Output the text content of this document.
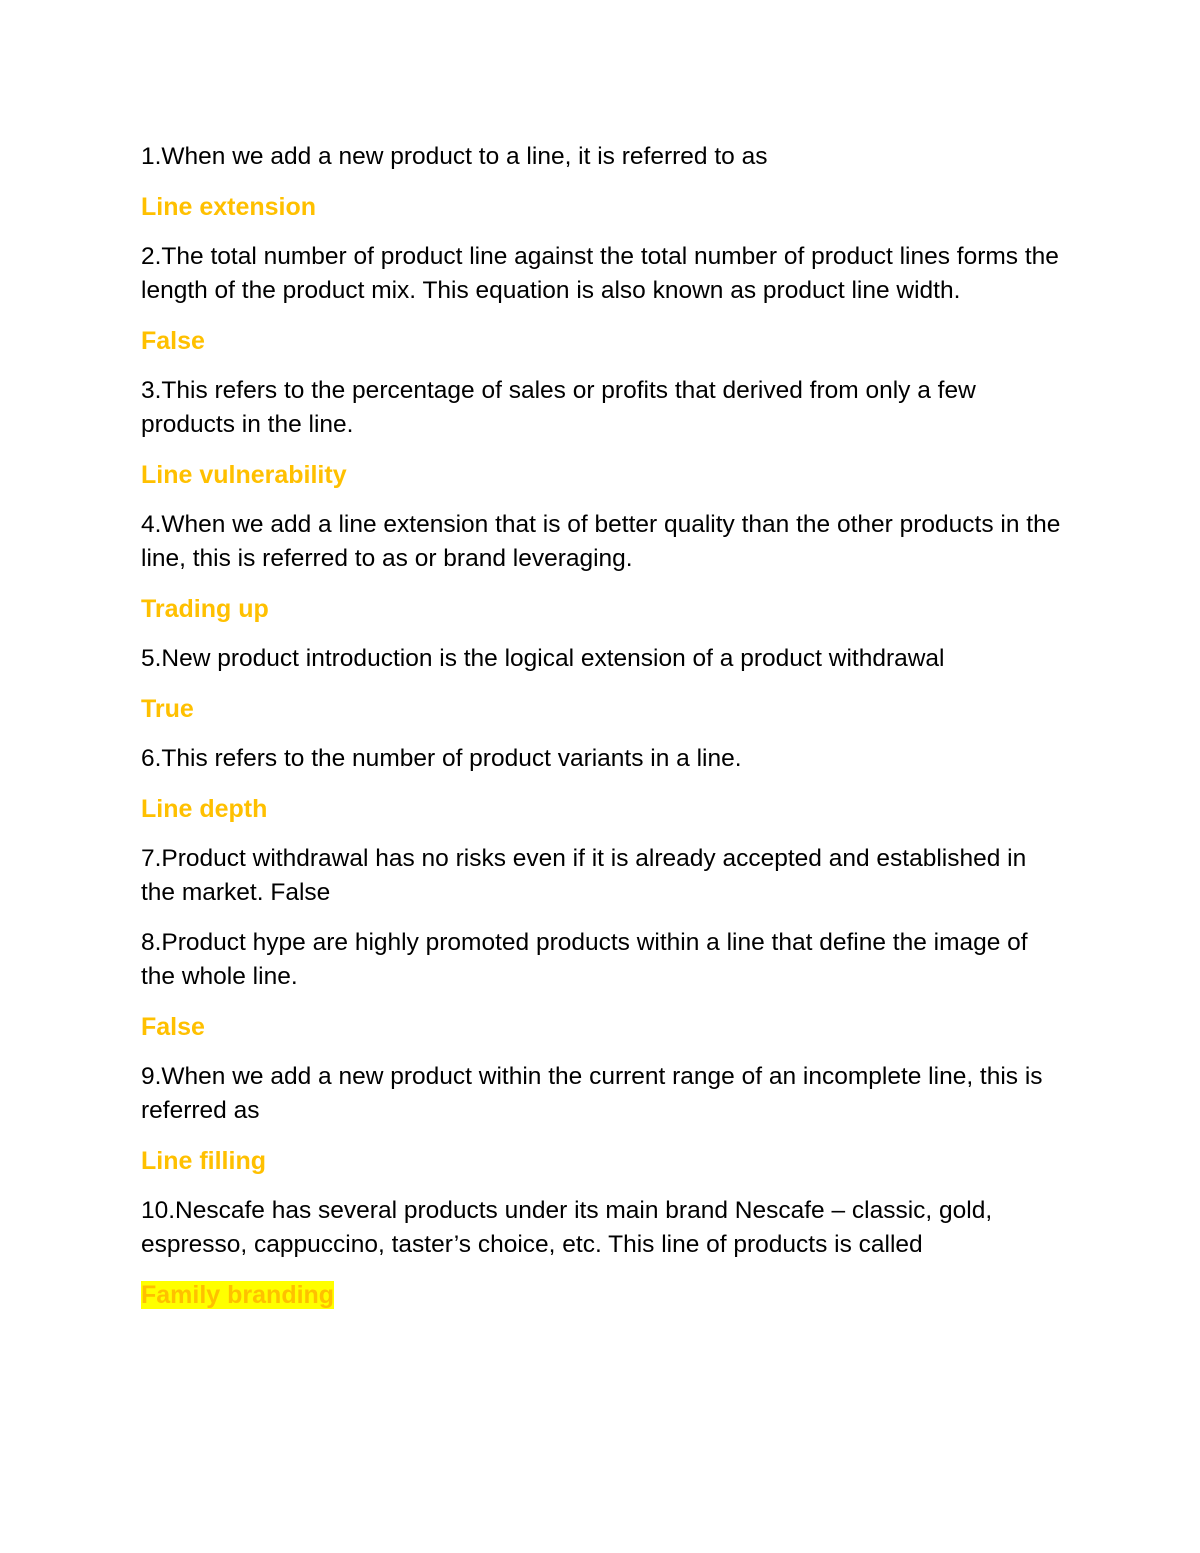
1.When we add a new product to a line, it is referred to as

Line extension

2.The total number of product line against the total number of product lines forms the length of the product mix. This equation is also known as product line width.

False

3.This refers to the percentage of sales or profits that derived from only a few products in the line.

Line vulnerability

4.When we add a line extension that is of better quality than the other products in the line, this is referred to as or brand leveraging.

Trading up

5.New product introduction is the logical extension of a product withdrawal

True

6.This refers to the number of product variants in a line.

Line depth

7.Product withdrawal has no risks even if it is already accepted and established in the market. False

8.Product hype are highly promoted products within a line that define the image of the whole line.

False

9.When we add a new product within the current range of an incomplete line, this is referred as

Line filling

10.Nescafe has several products under its main brand Nescafe – classic, gold, espresso, cappuccino, taster’s choice, etc. This line of products is called

Family branding
